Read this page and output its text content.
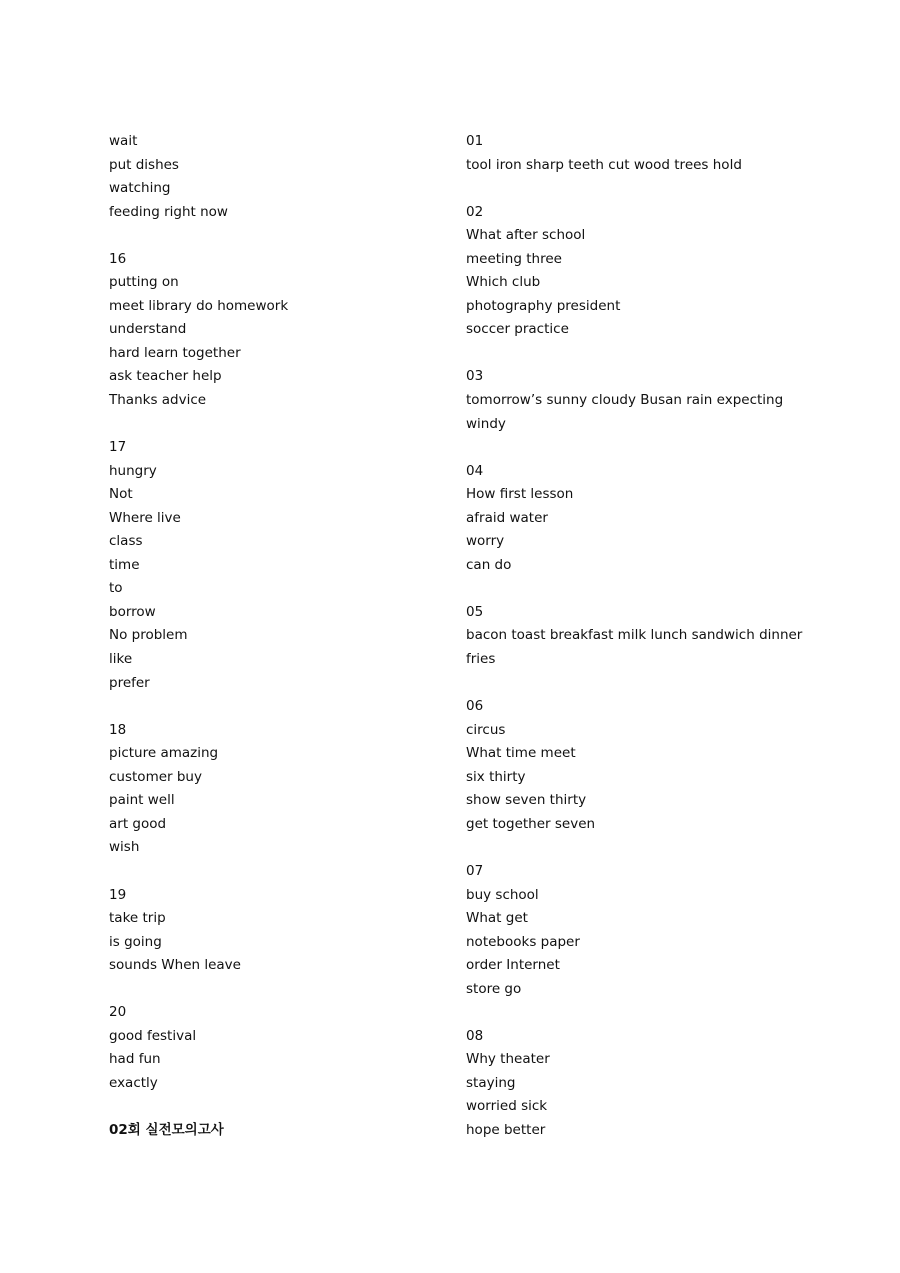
wait
put dishes
watching
feeding right now
16
putting on
meet library do homework
understand
hard learn together
ask teacher help
Thanks advice
17
hungry
Not
Where live
class
time
to
borrow
No problem
like
prefer
18
picture amazing
customer buy
paint well
art good
wish
19
take trip
is going
sounds When leave
20
good festival
had fun
exactly
02회 실전모의고사
01
tool iron sharp teeth cut wood trees hold
02
What after school
meeting three
Which club
photography president
soccer practice
03
tomorrow’s sunny cloudy Busan rain expecting
windy
04
How first lesson
afraid water
worry
can do
05
bacon toast breakfast milk lunch sandwich dinner
fries
06
circus
What time meet
six thirty
show seven thirty
get together seven
07
buy school
What get
notebooks paper
order Internet
store go
08
Why theater
staying
worried sick
hope better
